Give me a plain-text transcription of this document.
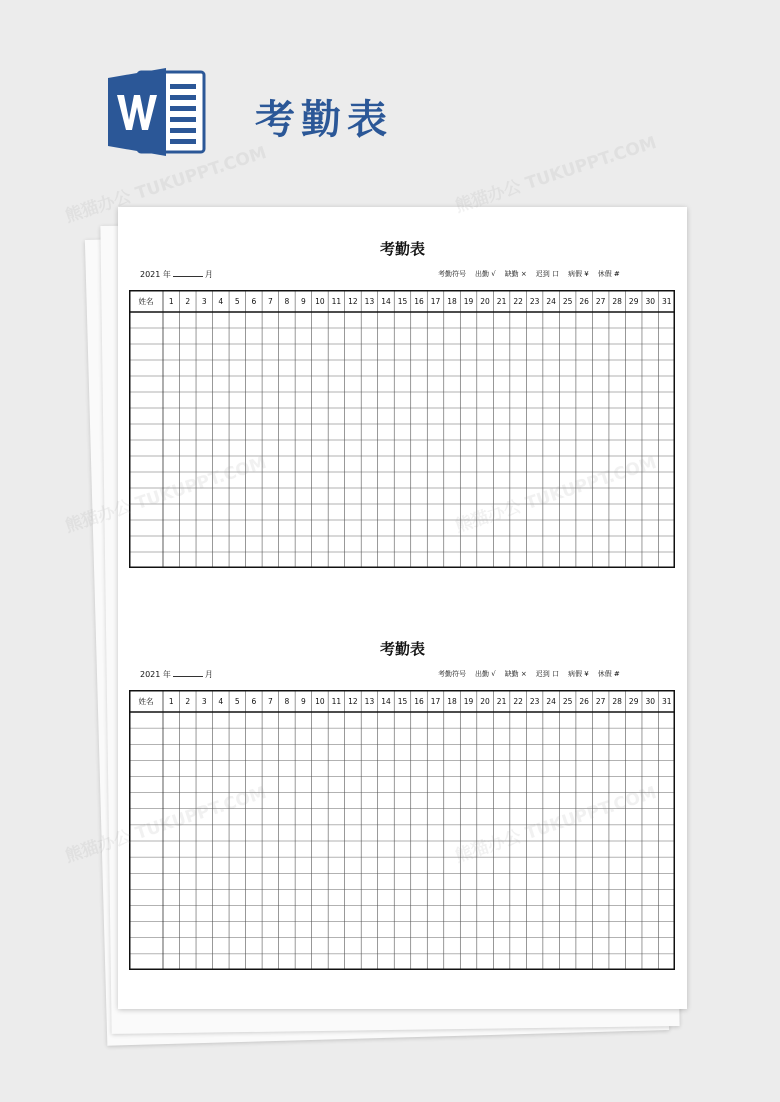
考勤表
考勤表
2021 年	月	考勤符号 出勤 √ 缺勤 × 迟到 口 病假 ¥ 休假 #
姓名 1 2 3 4 5 6 7 8 9 10 11 12 13 14 15 16 17 18 19 20 21 22 23 24 25 26 27 28 29 30 31
考勤表
2021 年	月	考勤符号 出勤 √ 缺勤 × 迟到 口 病假 ¥ 休假 #
姓名 1 2 3 4 5 6 7 8 9 10 11 12 13 14 15 16 17 18 19 20 21 22 23 24 25 26 27 28 29 30 31
熊猫办公 TUKUPPT.COM	熊猫办公 TUKUPPT.COM
熊猫办公
